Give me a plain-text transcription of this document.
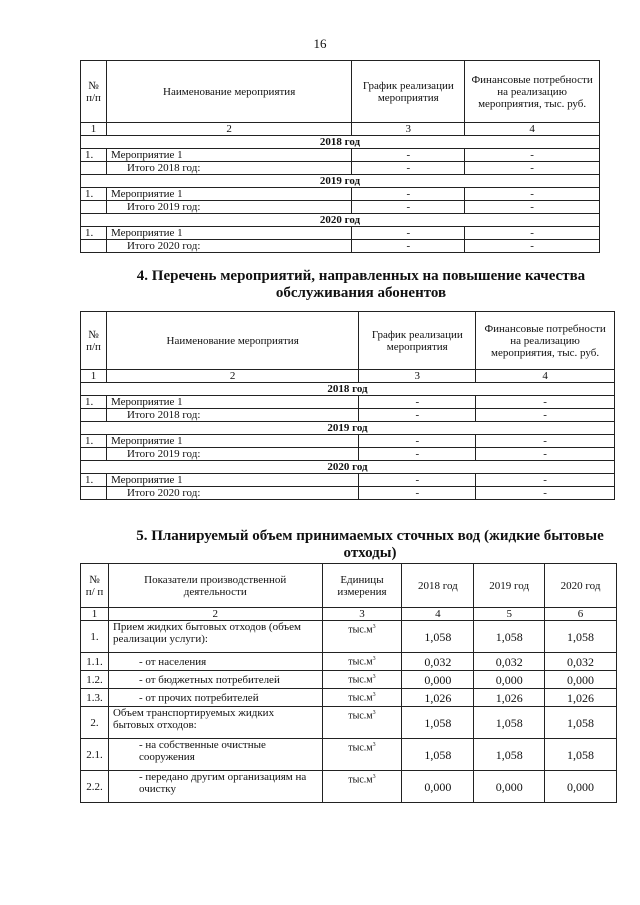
16
№ п/п	Наименование мероприятия	График реализации мероприятия	Финансовые потребности на реализацию мероприятия, тыс. руб.
1	2	3	4
2018 год			
1.	Мероприятие 1	-	-
	Итого 2018 год:	-	-
2019 год			
1.	Мероприятие 1	-	-
	Итого 2019 год:	-	-
2020 год			
1.	Мероприятие 1	-	-
	Итого 2020 год:	-	-
4. Перечень мероприятий, направленных на повышение качества обслуживания абонентов
№ п/п	Наименование мероприятия	График реализации мероприятия	Финансовые потребности на реализацию мероприятия, тыс. руб.
1	2	3	4
2018 год			
1.	Мероприятие 1	-	-
	Итого 2018 год:	-	-
2019 год			
1.	Мероприятие 1	-	-
	Итого 2019 год:	-	-
2020 год			
1.	Мероприятие 1	-	-
	Итого 2020 год:	-	-
5. Планируемый объем принимаемых сточных вод (жидкие бытовые отходы)
№ п/ п	Показатели производственной деятельности	Единицы измерения	2018 год	2019 год	2020 год
1	2	3	4	5	6
1.	Прием жидких бытовых отходов (объем реализации услуги):	$тыс.м^3$	1,058	1,058	1,058
1.1.	- от населения	$тыс.м^3$	0,032	0,032	0,032
1.2.	- от бюджетных потребителей	$тыс.м^3$	0,000	0,000	0,000
1.3.	- от прочих потребителей	$тыс.м^3$	1,026	1,026	1,026
2.	Объем транспортируемых жидких бытовых отходов:	$тыс.м^3$	1,058	1,058	1,058
2.1.	- на собственные очистные сооружения	$тыс.м^3$	1,058	1,058	1,058
2.2.	- передано другим организациям на очистку	$тыс.м^3$	0,000	0,000	0,000
